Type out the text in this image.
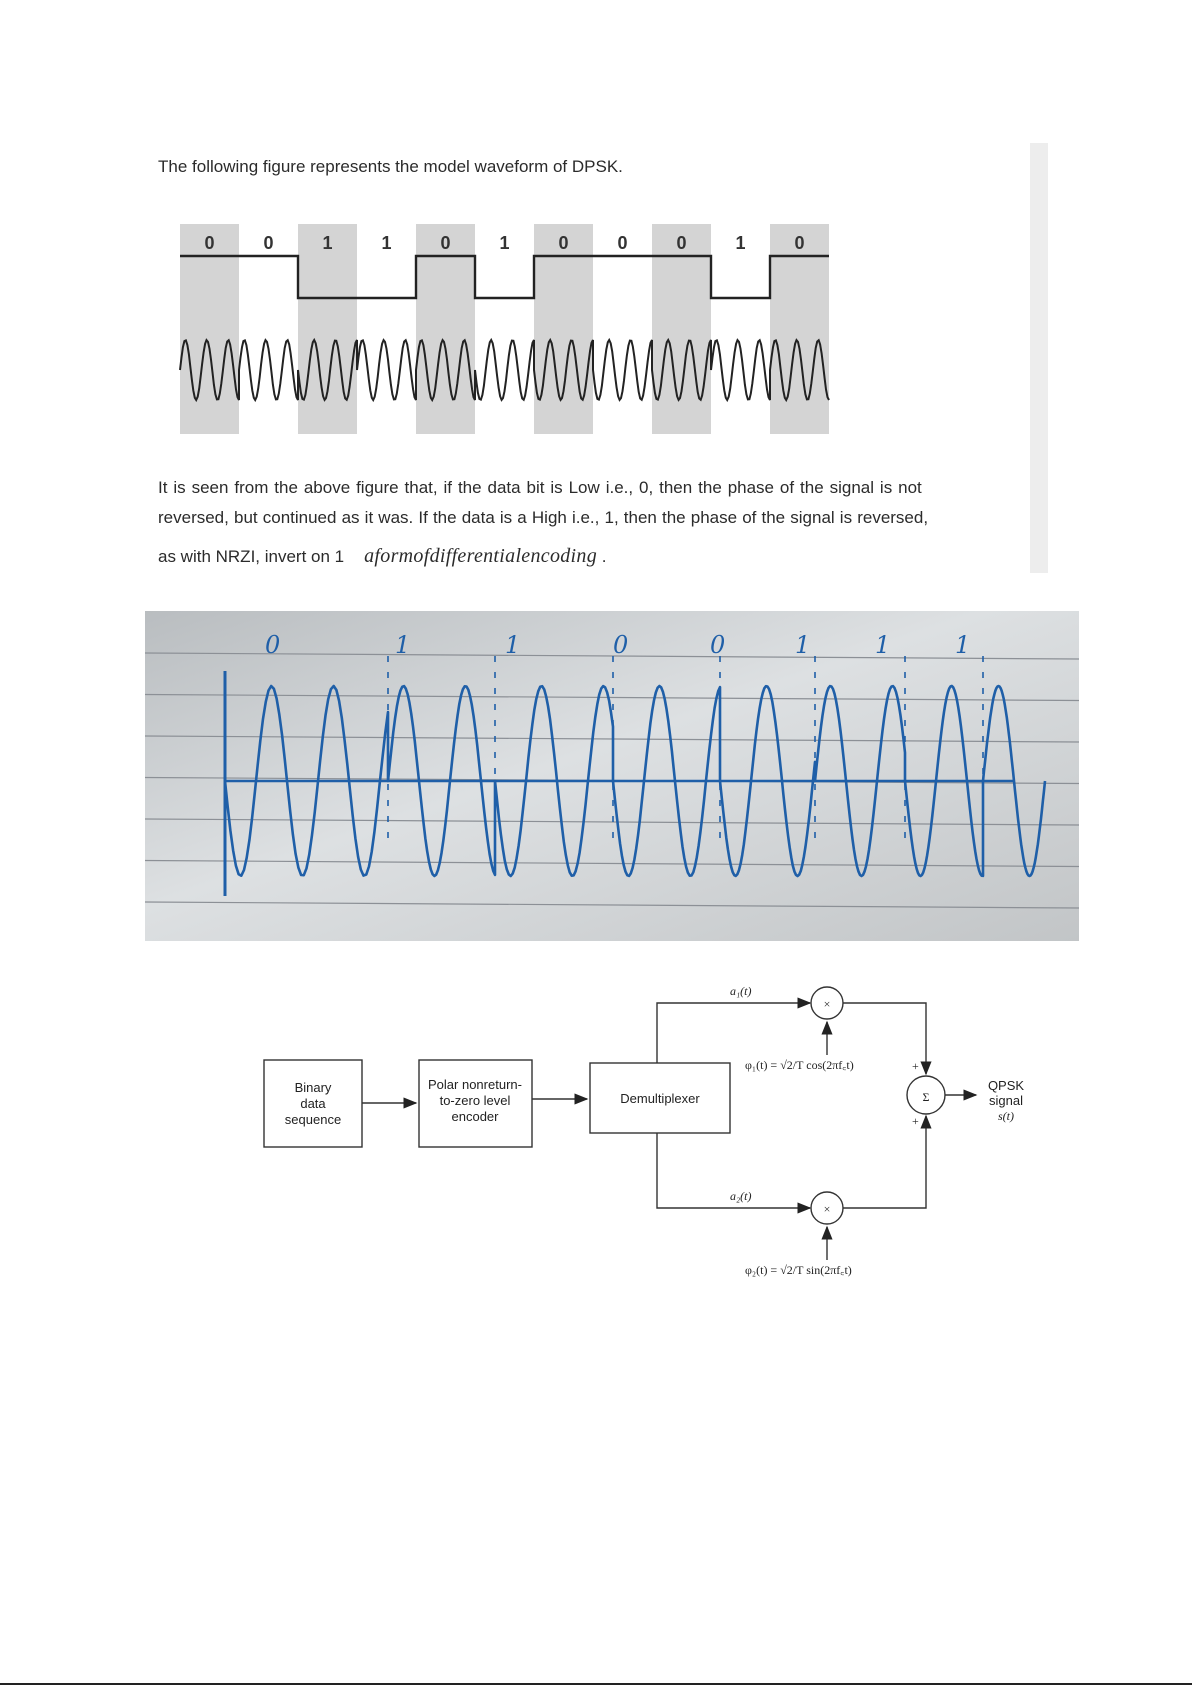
The following figure represents the model waveform of DPSK.
0	0	1	1	0	1	0	0	0	1	0
It is seen from the above figure that, if the data bit is Low i.e., 0, then the phase of the signal is not
reversed, but continued as it was. If the data is a High i.e., 1, then the phase of the signal is reversed,
as with NRZI, invert on 1 aformofdifferentialencoding .
0	1	1	0	0	1	1	1
Binary
data
sequence
Polar nonreturn-
to-zero level
encoder
Demultiplexer
a₁(t)
a₂(t)
φ₁(t) = √2/T cos(2πf꜀t)
φ₂(t) = √2/T sin(2πf꜀t)
×
×
Σ
+
+
QPSK
signal
s(t)
